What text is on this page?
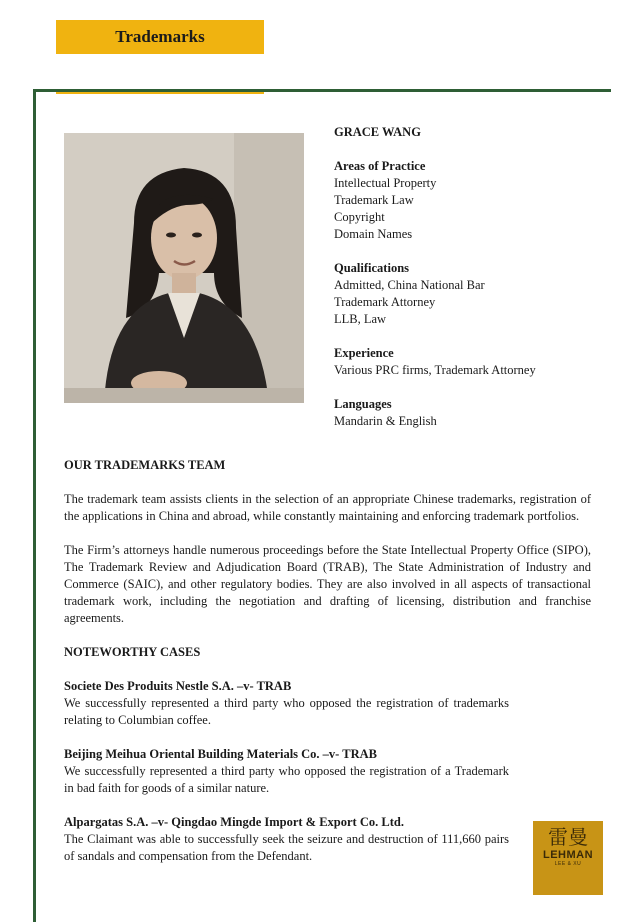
Trademarks
GRACE WANG
Areas of Practice
Intellectual Property
Trademark Law
Copyright
Domain Names
Qualifications
Admitted, China National Bar
Trademark Attorney
LLB, Law
Experience
Various PRC firms, Trademark Attorney
Languages
Mandarin & English
OUR TRADEMARKS TEAM

The trademark team assists clients in the selection of an appropriate Chinese trademarks, registration of the applications in China and abroad, while constantly maintaining and enforcing trademark portfolios.

The Firm’s attorneys handle numerous proceedings before the State Intellectual Property Office (SIPO), The Trademark Review and Adjudication Board (TRAB), The State Administration of Industry and Commerce (SAIC), and other regulatory bodies. They are also involved in all aspects of transactional trademark work, including the negotiation and drafting of licensing, distribution and franchise agreements.

NOTEWORTHY CASES
Societe Des Produits Nestle S.A. –v- TRAB

We successfully represented a third party who opposed the registration of trademarks relating to Columbian coffee.

Beijing Meihua Oriental Building Materials Co. –v- TRAB

We successfully represented a third party who opposed the registration of a Trademark in bad faith for goods of a similar nature.

Alpargatas S.A. –v- Qingdao Mingde Import & Export Co. Ltd.

The Claimant was able to successfully seek the seizure and destruction of 111,660 pairs of sandals and compensation from the Defendant.

雷曼
LEHMAN
LEE & XU
